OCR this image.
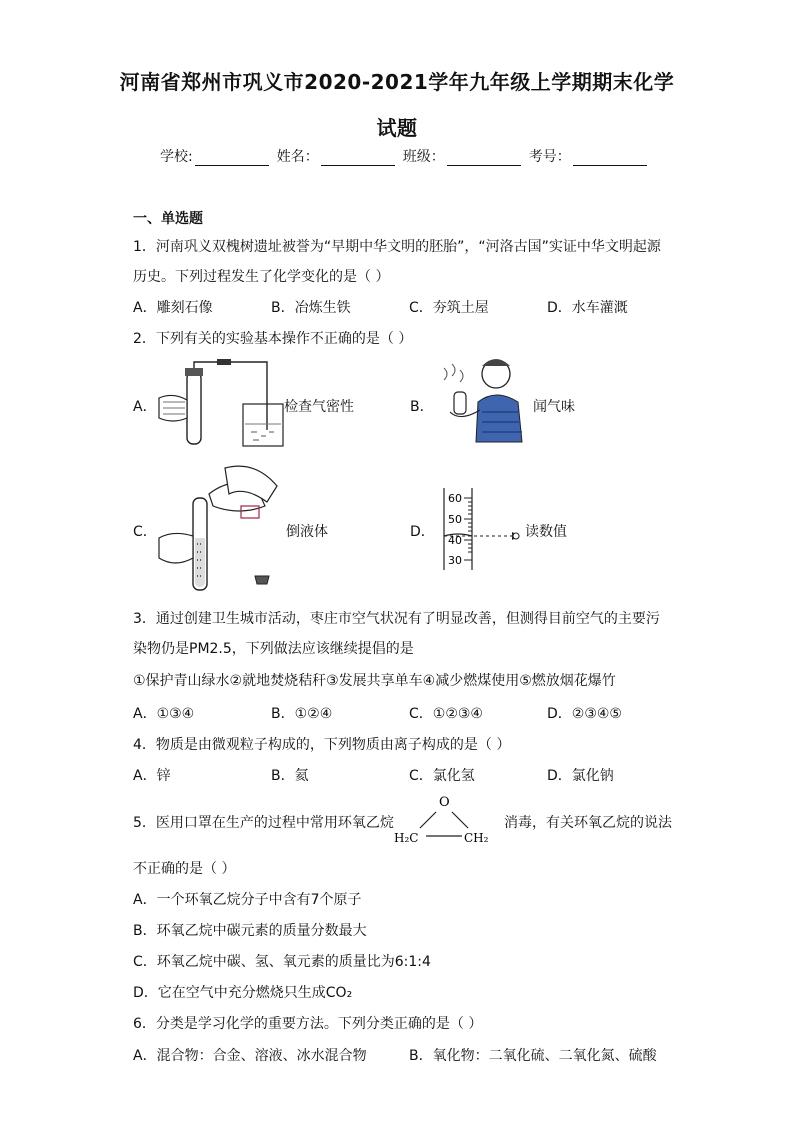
河南省郑州市巩义市2020-2021学年九年级上学期期末化学
试题
学校:	姓名：	班级：	考号：
一、单选题
1．河南巩义双槐树遗址被誉为“早期中华文明的胚胎”，“河洛古国”实证中华文明起源
历史。下列过程发生了化学变化的是（ ）
A．雕刻石像	B．冶炼生铁	C．夯筑土屋	D．水车灌溉
2．下列有关的实验基本操作不正确的是（ ）
A．	检查气密性	B．	闻气味
C．	倒液体	D．
60
50
40
30
读数值
3．通过创建卫生城市活动，枣庄市空气状况有了明显改善，但测得目前空气的主要污
染物仍是PM2.5，下列做法应该继续提倡的是
①保护青山绿水②就地焚烧秸秆③发展共享单车④减少燃煤使用⑤燃放烟花爆竹
A．①③④	B．①②④	C．①②③④	D．②③④⑤
4．物质是由微观粒子构成的，下列物质由离子构成的是（ ）
A．锌	B．氦	C．氯化氢	D．氯化钠
5．医用口罩在生产的过程中常用环氧乙烷
O
H₂C	CH₂
消毒，有关环氧乙烷的说法
不正确的是（ ）
A．一个环氧乙烷分子中含有7个原子
B．环氧乙烷中碳元素的质量分数最大
C．环氧乙烷中碳、氢、氧元素的质量比为6:1:4
D．它在空气中充分燃烧只生成CO₂
6．分类是学习化学的重要方法。下列分类正确的是（ ）
A．混合物：合金、溶液、冰水混合物	B．氧化物：二氧化硫、二氧化氮、硫酸
